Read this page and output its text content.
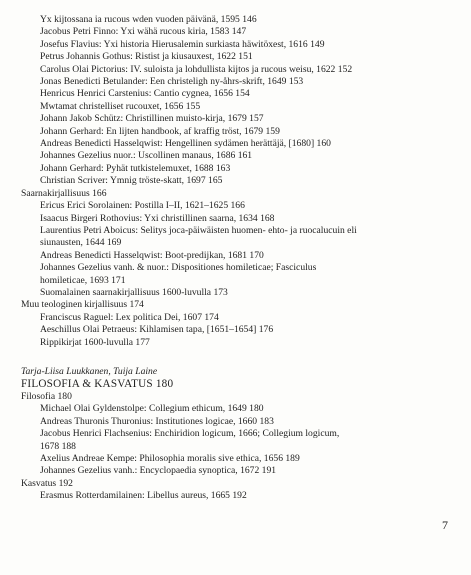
Yx kijtossana ia rucous wden vuoden päivänä, 1595 146
Jacobus Petri Finno: Yxi wähä rucous kiria, 1583 147
Josefus Flavius: Yxi historia Hierusalemin surkiasta häwitöxest, 1616 149
Petrus Johannis Gothus: Ristist ja kiusauxest, 1622 151
Carolus Olai Pictorius: IV. suloista ja lohdullista kijtos ja rucous weisu, 1622 152
Jonas Benedicti Betulander: Een christeligh ny-åhrs-skrift, 1649 153
Henricus Henrici Carstenius: Cantio cygnea, 1656 154
Mwtamat christelliset rucouxet, 1656 155
Johann Jakob Schütz: Christillinen muisto-kirja, 1679 157
Johann Gerhard: En lijten handbook, af kraffig tröst, 1679 159
Andreas Benedicti Hasselqwist: Hengellinen sydämen herättäjä, [1680] 160
Johannes Gezelius nuor.: Uscollinen manaus, 1686 161
Johann Gerhard: Pyhät tutkistelemuxet, 1688 163
Christian Scriver: Ymnig tröste-skatt, 1697 165
Saarnakirjallisuus 166
Ericus Erici Sorolainen: Postilla I–II, 1621–1625 166
Isaacus Birgeri Rothovius: Yxi christillinen saarna, 1634 168
Laurentius Petri Aboicus: Selitys joca-päiwäisten huomen- ehto- ja ruocalucuin eli
siunausten, 1644 169
Andreas Benedicti Hasselqwist: Boot-predijkan, 1681 170
Johannes Gezelius vanh. & nuor.: Dispositiones homileticae; Fasciculus
homileticae, 1693 171
Suomalainen saarnakirjallisuus 1600-luvulla 173
Muu teologinen kirjallisuus 174
Franciscus Raguel: Lex politica Dei, 1607 174
Aeschillus Olai Petraeus: Kihlamisen tapa, [1651–1654] 176
Rippikirjat 1600-luvulla 177
Tarja-Liisa Luukkanen, Tuija Laine
FILOSOFIA & KASVATUS 180
Filosofia 180
Michael Olai Gyldenstolpe: Collegium ethicum, 1649 180
Andreas Thuronis Thuronius: Institutiones logicae, 1660 183
Jacobus Henrici Flachsenius: Enchiridion logicum, 1666; Collegium logicum,
1678 188
Axelius Andreae Kempe: Philosophia moralis sive ethica, 1656 189
Johannes Gezelius vanh.: Encyclopaedia synoptica, 1672 191
Kasvatus 192
Erasmus Rotterdamilainen: Libellus aureus, 1665 192
7
